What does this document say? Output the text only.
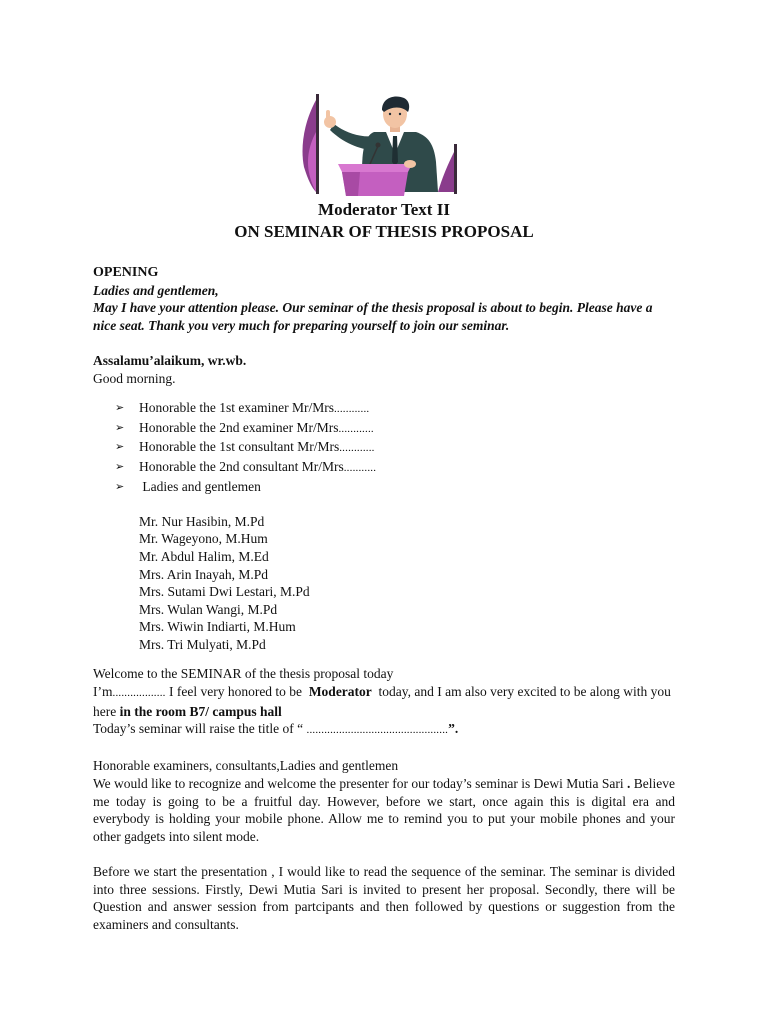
Moderator Text II
ON SEMINAR OF THESIS PROPOSAL

OPENING

Ladies and gentlemen,

May I have your attention please. Our seminar of the thesis proposal is about to begin. Please have a nice seat. Thank you very much for preparing yourself to join our seminar.

Assalamu’alaikum, wr.wb.

Good morning.

➢ Honorable the 1st examiner Mr/Mrs............
➢ Honorable the 2nd examiner Mr/Mrs............
➢ Honorable the 1st consultant Mr/Mrs............
➢ Honorable the 2nd consultant Mr/Mrs...........
➢ Ladies and gentlemen

Mr. Nur Hasibin, M.Pd

Mr. Wageyono, M.Hum

Mr. Abdul Halim, M.Ed

Mrs. Arin Inayah, M.Pd

Mrs. Sutami Dwi Lestari, M.Pd

Mrs. Wulan Wangi, M.Pd

Mrs. Wiwin Indiarti, M.Hum

Mrs. Tri Mulyati, M.Pd

Welcome to the SEMINAR of the thesis proposal today

I’m.................. I feel very honored to be  Moderator  today, and I am also very excited to be along with you here in the room B7/ campus hall

Today’s seminar will raise the title of “ ................................................”.

Honorable examiners, consultants,Ladies and gentlemen

We would like to recognize and welcome the presenter for our today’s seminar is Dewi Mutia Sari . Believe me today is going to be a fruitful day. However, before we start, once again this is digital era and everybody is holding your mobile phone. Allow me to remind you to put your mobile phones and your other gadgets into silent mode.

Before we start the presentation , I would like to read the sequence of the seminar. The seminar is divided into three sessions. Firstly, Dewi Mutia Sari is invited to present her proposal. Secondly, there will be Question and answer session from partcipants and then followed by questions or suggestion from the examiners and consultants.
